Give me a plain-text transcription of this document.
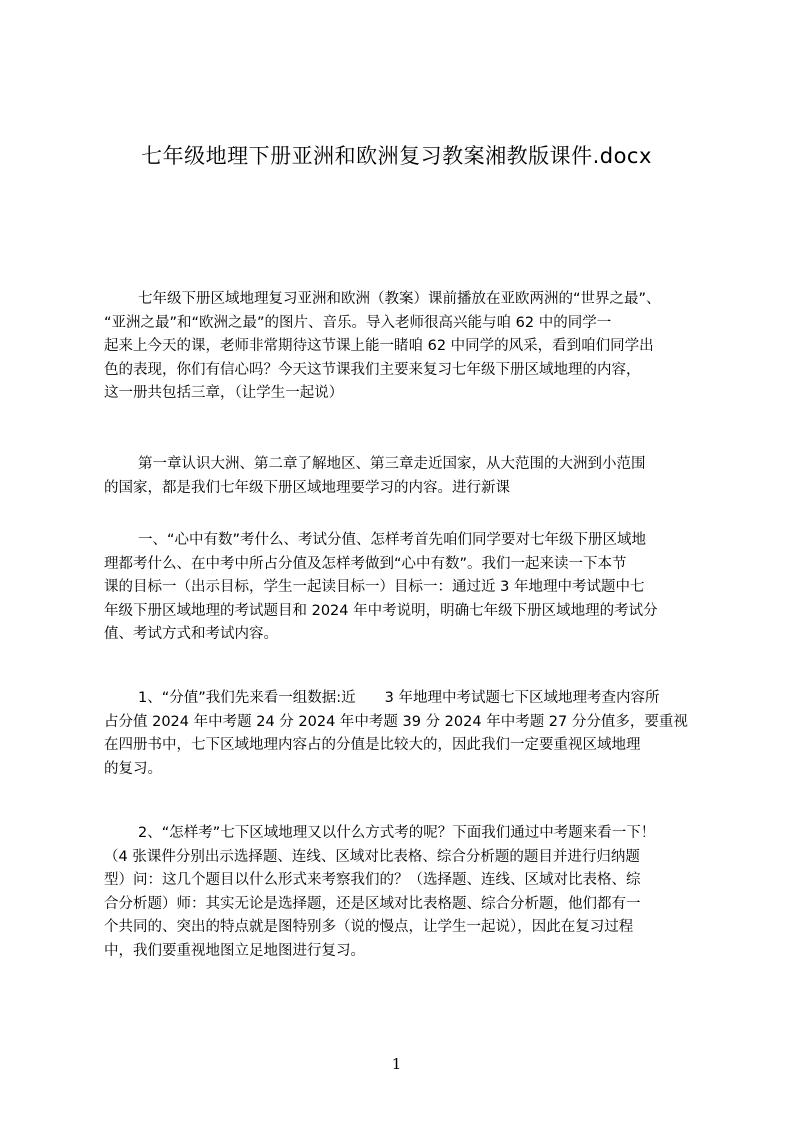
七年级地理下册亚洲和欧洲复习教案湘教版课件.docx
七年级下册区域地理复习亚洲和欧洲（教案）课前播放在亚欧两洲的“世界之最”、
“亚洲之最”和“欧洲之最”的图片、音乐。导入老师很高兴能与咱 62 中的同学一
起来上今天的课，老师非常期待这节课上能一睹咱 62 中同学的风采，看到咱们同学出
色的表现，你们有信心吗？今天这节课我们主要来复习七年级下册区域地理的内容，
这一册共包括三章，（让学生一起说）
第一章认识大洲、第二章了解地区、第三章走近国家，从大范围的大洲到小范围
的国家，都是我们七年级下册区域地理要学习的内容。进行新课
一、“心中有数”考什么、考试分值、怎样考首先咱们同学要对七年级下册区域地
理都考什么、在中考中所占分值及怎样考做到“心中有数”。我们一起来读一下本节
课的目标一（出示目标，学生一起读目标一）目标一：通过近 3 年地理中考试题中七
年级下册区域地理的考试题目和 2024 年中考说明，明确七年级下册区域地理的考试分
值、考试方式和考试内容。
1、“分值”我们先来看一组数据:近　　3 年地理中考试题七下区域地理考查内容所
占分值 2024 年中考题 24 分 2024 年中考题 39 分 2024 年中考题 27 分分值多，要重视
在四册书中，七下区域地理内容占的分值是比较大的，因此我们一定要重视区域地理
的复习。
2、“怎样考”七下区域地理又以什么方式考的呢？下面我们通过中考题来看一下！
（4 张课件分别出示选择题、连线、区域对比表格、综合分析题的题目并进行归纳题
型）问：这几个题目以什么形式来考察我们的？（选择题、连线、区域对比表格、综
合分析题）师：其实无论是选择题，还是区域对比表格题、综合分析题，他们都有一
个共同的、突出的特点就是图特别多（说的慢点，让学生一起说），因此在复习过程
中，我们要重视地图立足地图进行复习。
1
